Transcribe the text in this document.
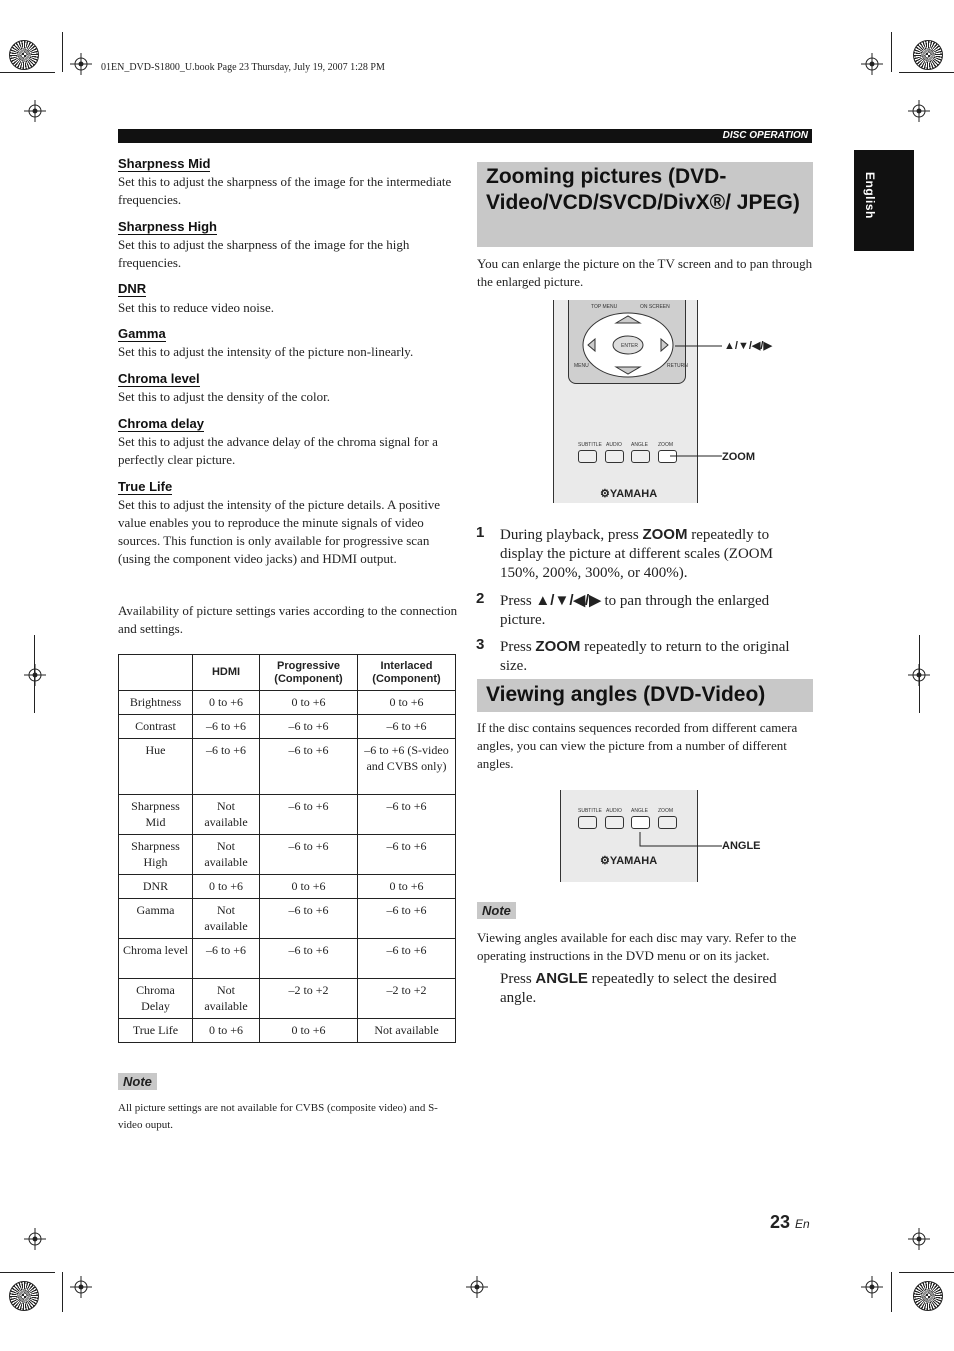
01EN_DVD-S1800_U.book Page 23 Thursday, July 19, 2007 1:28 PM
DISC OPERATION
English
Sharpness Mid
Set this to adjust the sharpness of the image for the intermediate frequencies.
Sharpness High
Set this to adjust the sharpness of the image for the high frequencies.
DNR
Set this to reduce video noise.
Gamma
Set this to adjust the intensity of the picture non-linearly.
Chroma level
Set this to adjust the density of the color.
Chroma delay
Set this to adjust the advance delay of the chroma signal for a perfectly clear picture.
True Life
Set this to adjust the intensity of the picture details. A positive value enables you to reproduce the minute signals of video sources. This function is only available for progressive scan (using the component video jacks) and HDMI output.
Availability of picture settings varies according to the connection and settings.
	HDMI	Progressive (Component)	Interlaced (Component)
Brightness	0 to +6	0 to +6	0 to +6
Contrast	–6 to +6	–6 to +6	–6 to +6
Hue	–6 to +6	–6 to +6	–6 to +6 (S-video and CVBS only)
Sharpness Mid	Not available	–6 to +6	–6 to +6
Sharpness High	Not available	–6 to +6	–6 to +6
DNR	0 to +6	0 to +6	0 to +6
Gamma	Not available	–6 to +6	–6 to +6
Chroma level	–6 to +6	–6 to +6	–6 to +6
Chroma Delay	Not available	–2 to +2	–2 to +2
True Life	0 to +6	0 to +6	Not available
Note
All picture settings are not available for CVBS (composite video) and S-video ouput.
Zooming pictures (DVD-Video/VCD/SVCD/DivX®/ JPEG)
You can enlarge the picture on the TV screen and to pan through the enlarged picture.
TOP MENU	ON SCREEN
MENU	RETURN
ENTER
SUBTITLE AUDIO ANGLE ZOOM
⚙YAMAHA
▲/▼/◀/▶
ZOOM
1 During playback, press ZOOM repeatedly to display the picture at different scales (ZOOM 150%, 200%, 300%, or 400%).
2 Press ▲/▼/◀/▶ to pan through the enlarged picture.
3 Press ZOOM repeatedly to return to the original size.
Viewing angles (DVD-Video)
If the disc contains sequences recorded from different camera angles, you can view the picture from a number of different angles.
SUBTITLE AUDIO ANGLE ZOOM
⚙YAMAHA
ANGLE
Note
Viewing angles available for each disc may vary. Refer to the operating instructions in the DVD menu or on its jacket.
Press ANGLE repeatedly to select the desired angle.
23 En
